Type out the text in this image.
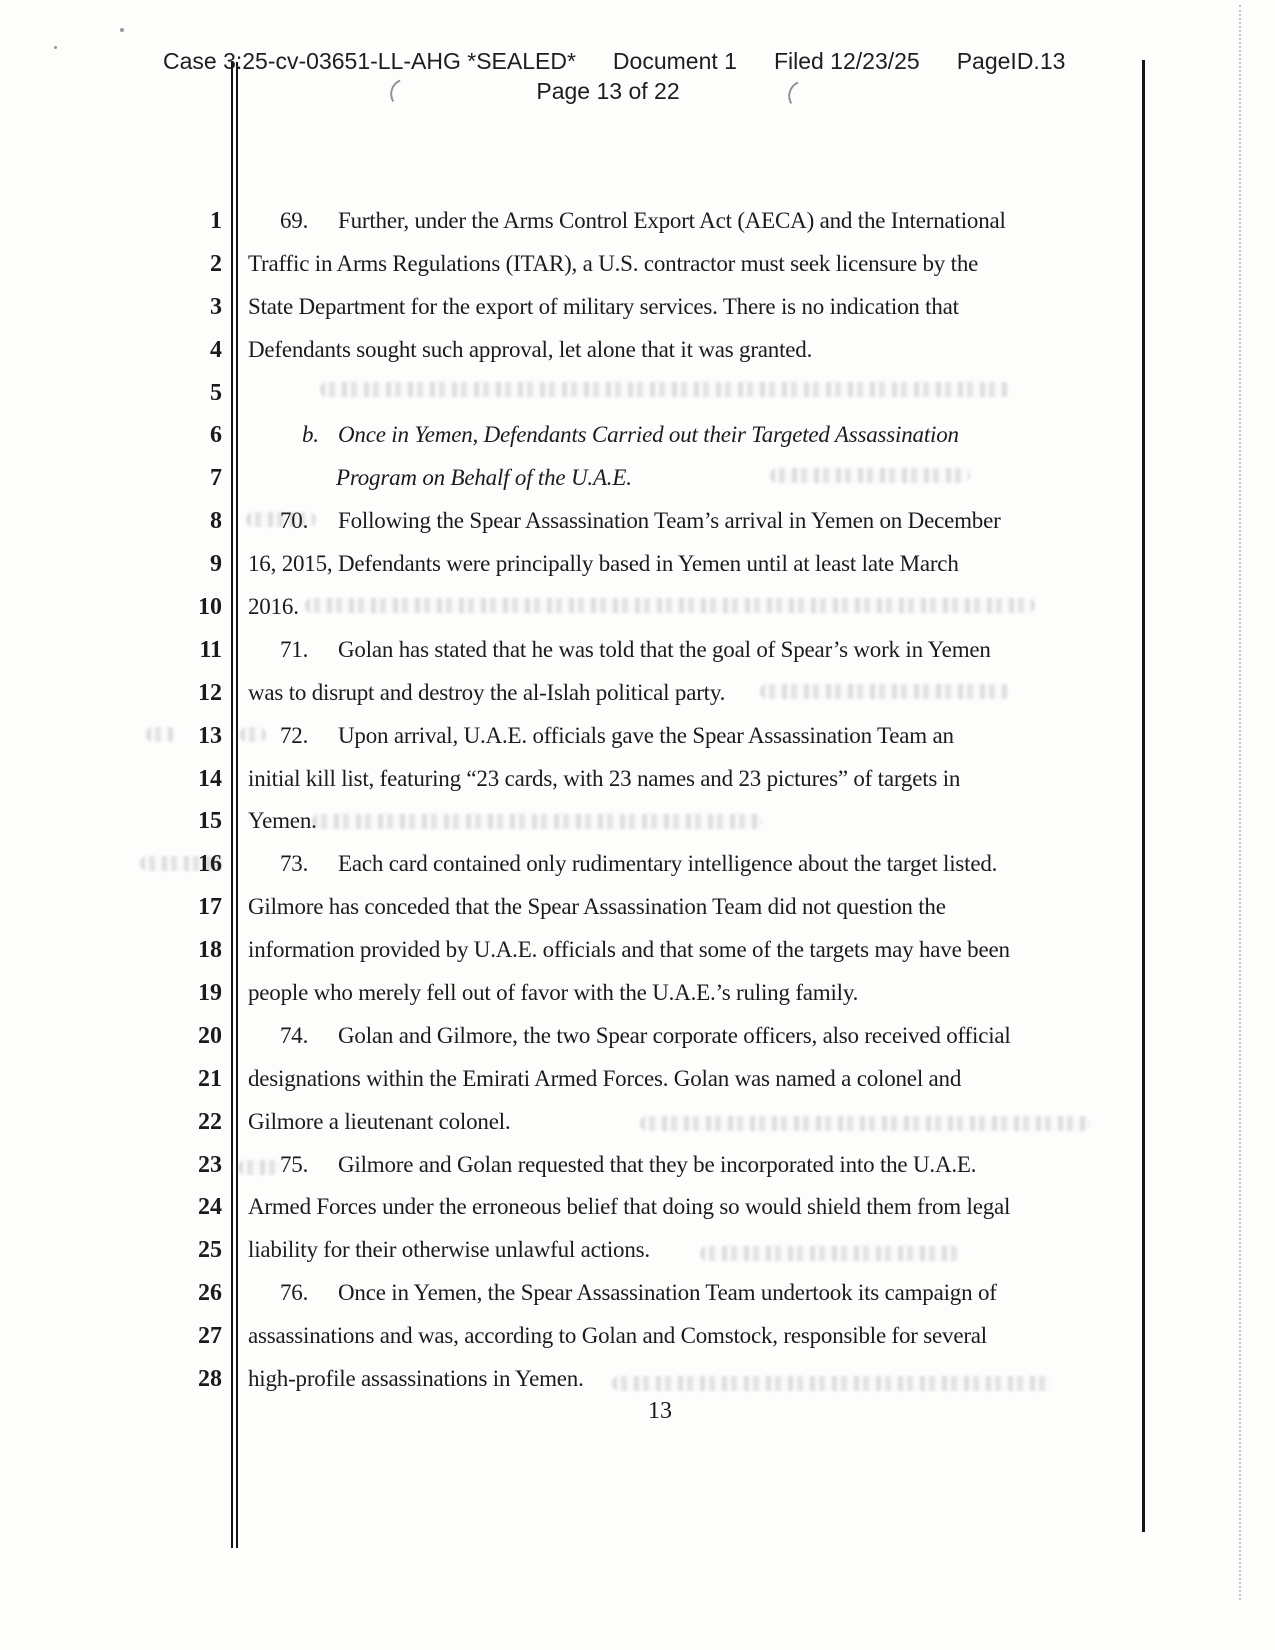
Case 3:25-cv-03651-LL-AHG *SEALED* Document 1 Filed 12/23/25 PageID.13
Page 13 of 22
1	69. Further, under the Arms Control Export Act (AECA) and the International
2 Traffic in Arms Regulations (ITAR), a U.S. contractor must seek licensure by the
3 State Department for the export of military services. There is no indication that
4 Defendants sought such approval, let alone that it was granted.
5
6	b. Once in Yemen, Defendants Carried out their Targeted Assassination
7	Program on Behalf of the U.A.E.
8	70. Following the Spear Assassination Team’s arrival in Yemen on December
9 16, 2015, Defendants were principally based in Yemen until at least late March
10 2016.
11	71. Golan has stated that he was told that the goal of Spear’s work in Yemen
12 was to disrupt and destroy the al-Islah political party.
13	72. Upon arrival, U.A.E. officials gave the Spear Assassination Team an
14 initial kill list, featuring “23 cards, with 23 names and 23 pictures” of targets in
15 Yemen.
16	73. Each card contained only rudimentary intelligence about the target listed.
17 Gilmore has conceded that the Spear Assassination Team did not question the
18 information provided by U.A.E. officials and that some of the targets may have been
19 people who merely fell out of favor with the U.A.E.’s ruling family.
20	74. Golan and Gilmore, the two Spear corporate officers, also received official
21 designations within the Emirati Armed Forces. Golan was named a colonel and
22 Gilmore a lieutenant colonel.
23	75. Gilmore and Golan requested that they be incorporated into the U.A.E.
24 Armed Forces under the erroneous belief that doing so would shield them from legal
25 liability for their otherwise unlawful actions.
26	76. Once in Yemen, the Spear Assassination Team undertook its campaign of
27 assassinations and was, according to Golan and Comstock, responsible for several
28 high-profile assassinations in Yemen.
13
